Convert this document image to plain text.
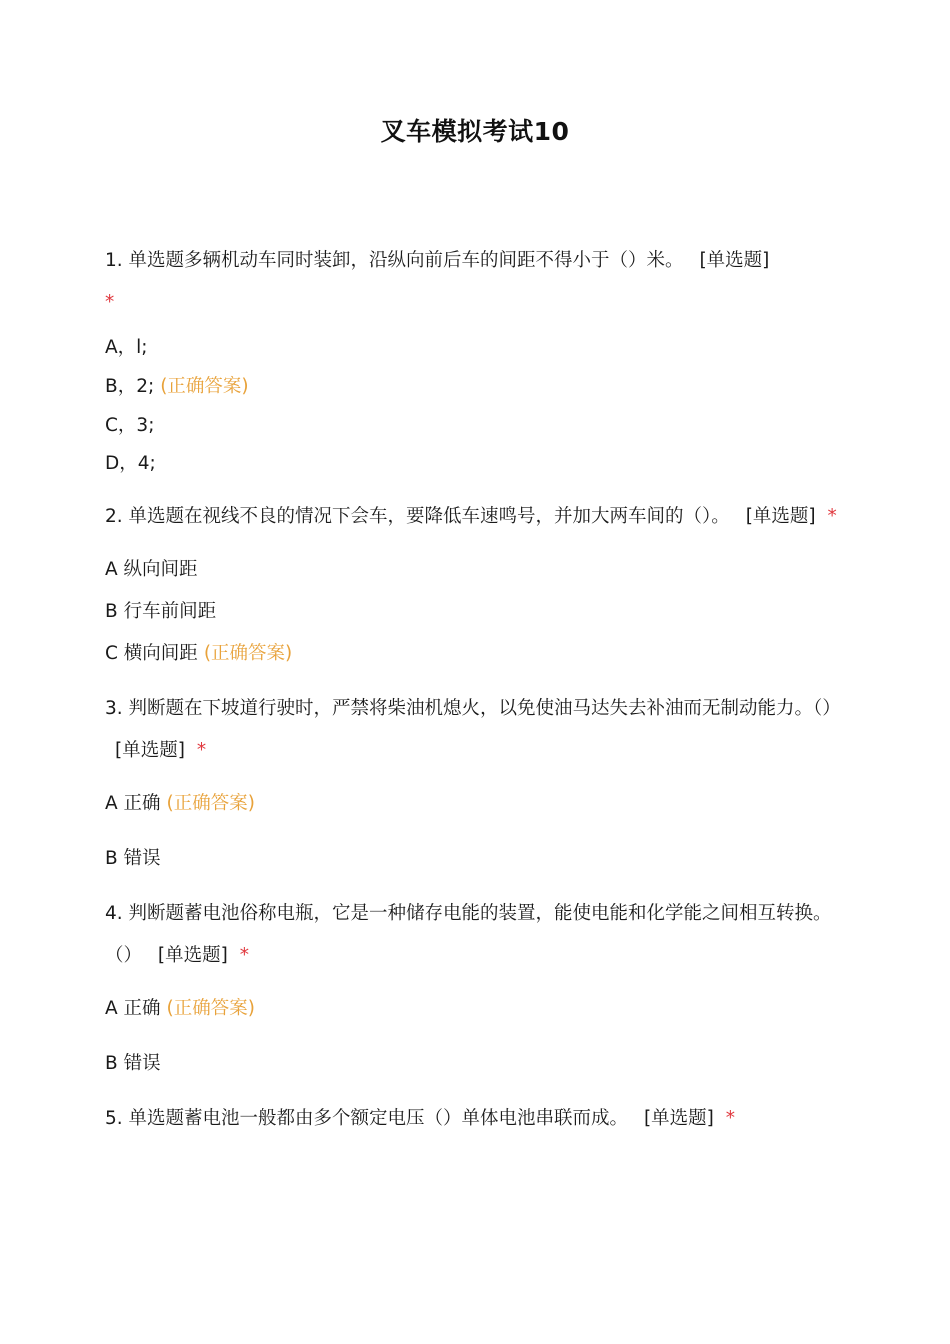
叉车模拟考试10

1. 单选题多辆机动车同时装卸，沿纵向前后车的间距不得小于（）米。 [单选题]
*

A，l;

B，2; (正确答案)

C，3;

D，4;

2. 单选题在视线不良的情况下会车，要降低车速鸣号，并加大两车间的（）。 [单选题] *

A 纵向间距

B 行车前间距

C 横向间距 (正确答案)

3. 判断题在下坡道行驶时，严禁将柴油机熄火，以免使油马达失去补油而无制动能力。（） [单选题] *

A 正确 (正确答案)

B 错误

4. 判断题蓄电池俗称电瓶，它是一种储存电能的装置，能使电能和化学能之间相互转换。（） [单选题] *

A 正确 (正确答案)

B 错误

5. 单选题蓄电池一般都由多个额定电压（）单体电池串联而成。 [单选题] *
